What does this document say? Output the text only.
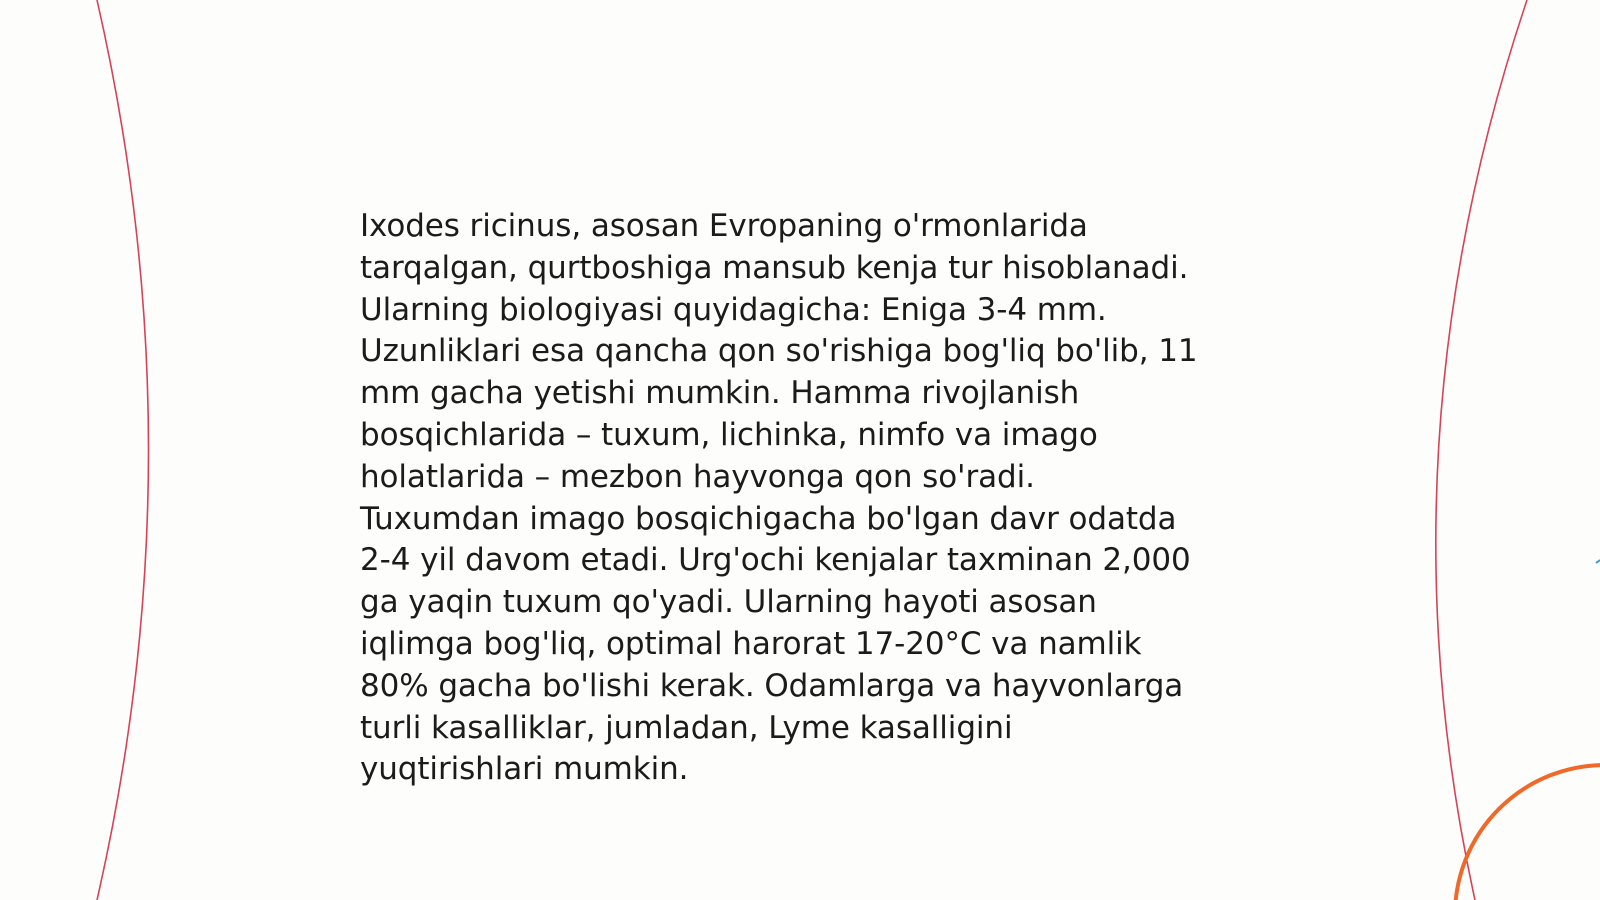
Ixodes ricinus, asosan Evropaning o'rmonlarida
tarqalgan, qurtboshiga mansub kenja tur hisoblanadi.
Ularning biologiyasi quyidagicha: Eniga 3-4 mm.
Uzunliklari esa qancha qon so'rishiga bog'liq bo'lib, 11
mm gacha yetishi mumkin. Hamma rivojlanish
bosqichlarida – tuxum, lichinka, nimfo va imago
holatlarida – mezbon hayvonga qon so'radi.
Tuxumdan imago bosqichigacha bo'lgan davr odatda
2-4 yil davom etadi. Urg'ochi kenjalar taxminan 2,000
ga yaqin tuxum qo'yadi. Ularning hayoti asosan
iqlimga bog'liq, optimal harorat 17-20°C va namlik
80% gacha bo'lishi kerak. Odamlarga va hayvonlarga
turli kasalliklar, jumladan, Lyme kasalligini
yuqtirishlari mumkin.
